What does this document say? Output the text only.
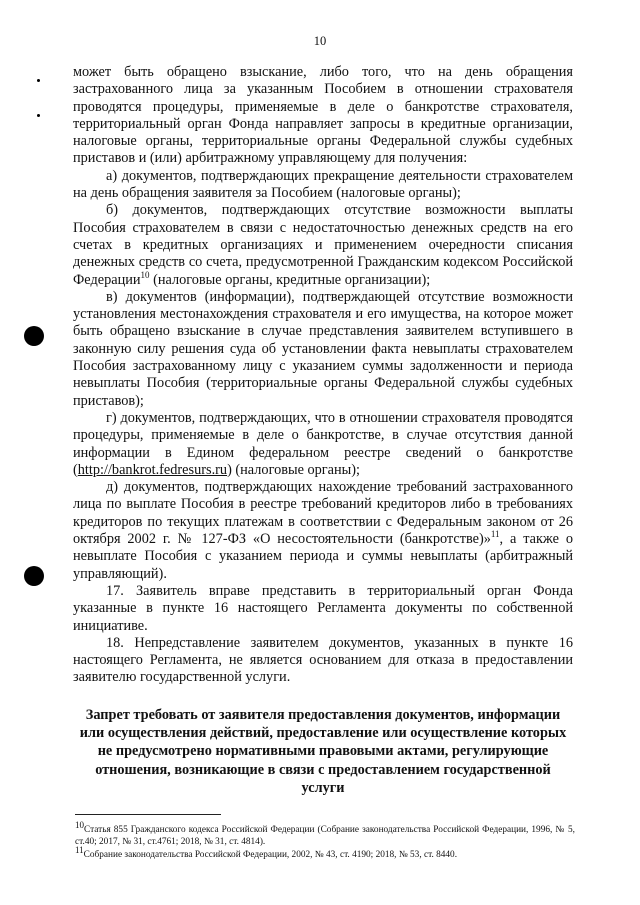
10

может быть обращено взыскание, либо того, что на день обращения застрахованного лица за указанным Пособием в отношении страхователя проводятся процедуры, применяемые в деле о банкротстве страхователя, территориальный орган Фонда направляет запросы в кредитные организации, налоговые органы, территориальные органы Федеральной службы судебных приставов и (или) арбитражному управляющему для получения:

а) документов, подтверждающих прекращение деятельности страхователем на день обращения заявителя за Пособием (налоговые органы);

б) документов, подтверждающих отсутствие возможности выплаты Пособия страхователем в связи с недостаточностью денежных средств на его счетах в кредитных организациях и применением очередности списания денежных средств со счета, предусмотренной Гражданским кодексом Российской Федерации$^{10}$ (налоговые органы, кредитные организации);

в) документов (информации), подтверждающей отсутствие возможности установления местонахождения страхователя и его имущества, на которое может быть обращено взыскание в случае представления заявителем вступившего в законную силу решения суда об установлении факта невыплаты страхователем Пособия застрахованному лицу с указанием суммы задолженности и периода невыплаты Пособия (территориальные органы Федеральной службы судебных приставов);

г) документов, подтверждающих, что в отношении страхователя проводятся процедуры, применяемые в деле о банкротстве, в случае отсутствия данной информации в Едином федеральном реестре сведений о банкротстве (http://bankrot.fedresurs.ru) (налоговые органы);

д) документов, подтверждающих нахождение требований застрахованного лица по выплате Пособия в реестре требований кредиторов либо в требованиях кредиторов по текущих платежам в соответствии с Федеральным законом от 26 октября 2002 г. № 127-ФЗ «О несостоятельности (банкротстве)»$^{11}$, а также о невыплате Пособия с указанием периода и суммы невыплаты (арбитражный управляющий).

17. Заявитель вправе представить в территориальный орган Фонда указанные в пункте 16 настоящего Регламента документы по собственной инициативе.

18. Непредставление заявителем документов, указанных в пункте 16 настоящего Регламента, не является основанием для отказа в предоставлении заявителю государственной услуги.

Запрет требовать от заявителя предоставления документов, информации или осуществления действий, предоставление или осуществление которых не предусмотрено нормативными правовыми актами, регулирующие отношения, возникающие в связи с предоставлением государственной услуги

$^{10}$Статья 855 Гражданского кодекса Российской Федерации (Собрание законодательства Российской Федерации, 1996, № 5, ст.40; 2017, № 31, ст.4761; 2018, № 31, ст. 4814).

$^{11}$Собрание законодательства Российской Федерации, 2002, № 43, ст. 4190; 2018, № 53, ст. 8440.
